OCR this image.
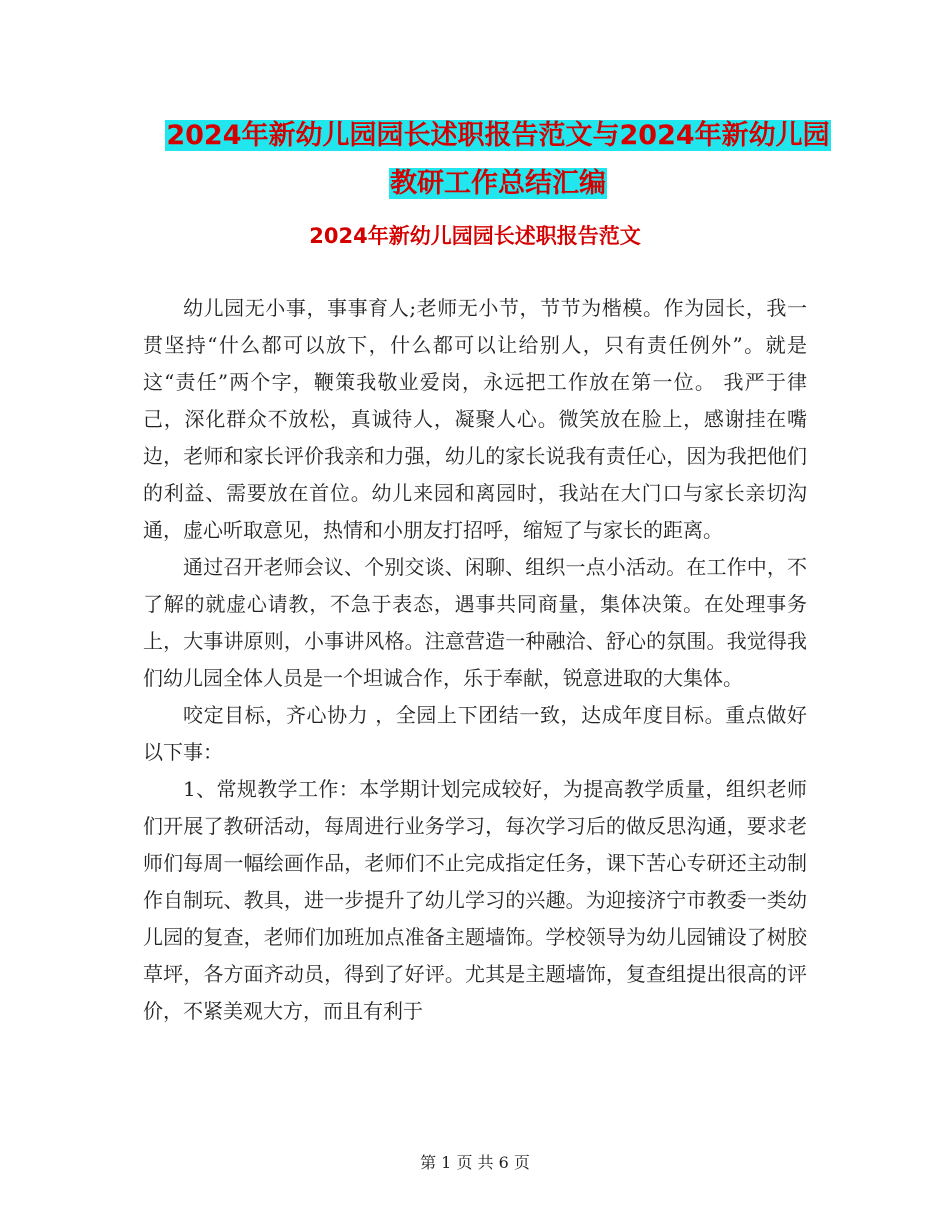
2024年新幼儿园园长述职报告范文与2024年新幼儿园
教研工作总结汇编
2024年新幼儿园园长述职报告范文

幼儿园无小事，事事育人;老师无小节，节节为楷模。作为园长，我一贯坚持“什么都可以放下，什么都可以让给别人，只有责任例外”。就是这“责任”两个字，鞭策我敬业爱岗，永远把工作放在第一位。 我严于律己，深化群众不放松，真诚待人，凝聚人心。微笑放在脸上，感谢挂在嘴边，老师和家长评价我亲和力强，幼儿的家长说我有责任心，因为我把他们的利益、需要放在首位。幼儿来园和离园时，我站在大门口与家长亲切沟通，虚心听取意见，热情和小朋友打招呼，缩短了与家长的距离。

通过召开老师会议、个别交谈、闲聊、组织一点小活动。在工作中，不了解的就虚心请教，不急于表态，遇事共同商量，集体决策。在处理事务上，大事讲原则，小事讲风格。注意营造一种融洽、舒心的氛围。我觉得我们幼儿园全体人员是一个坦诚合作，乐于奉献，锐意进取的大集体。

咬定目标，齐心协力 ，全园上下团结一致，达成年度目标。重点做好以下事：

1、常规教学工作：本学期计划完成较好，为提高教学质量，组织老师们开展了教研活动，每周进行业务学习，每次学习后的做反思沟通，要求老师们每周一幅绘画作品，老师们不止完成指定任务，课下苦心专研还主动制作自制玩、教具，进一步提升了幼儿学习的兴趣。为迎接济宁市教委一类幼儿园的复查，老师们加班加点准备主题墙饰。学校领导为幼儿园铺设了树胶草坪，各方面齐动员，得到了好评。尤其是主题墙饰，复查组提出很高的评价，不紧美观大方，而且有利于

第 1 页 共 6 页
